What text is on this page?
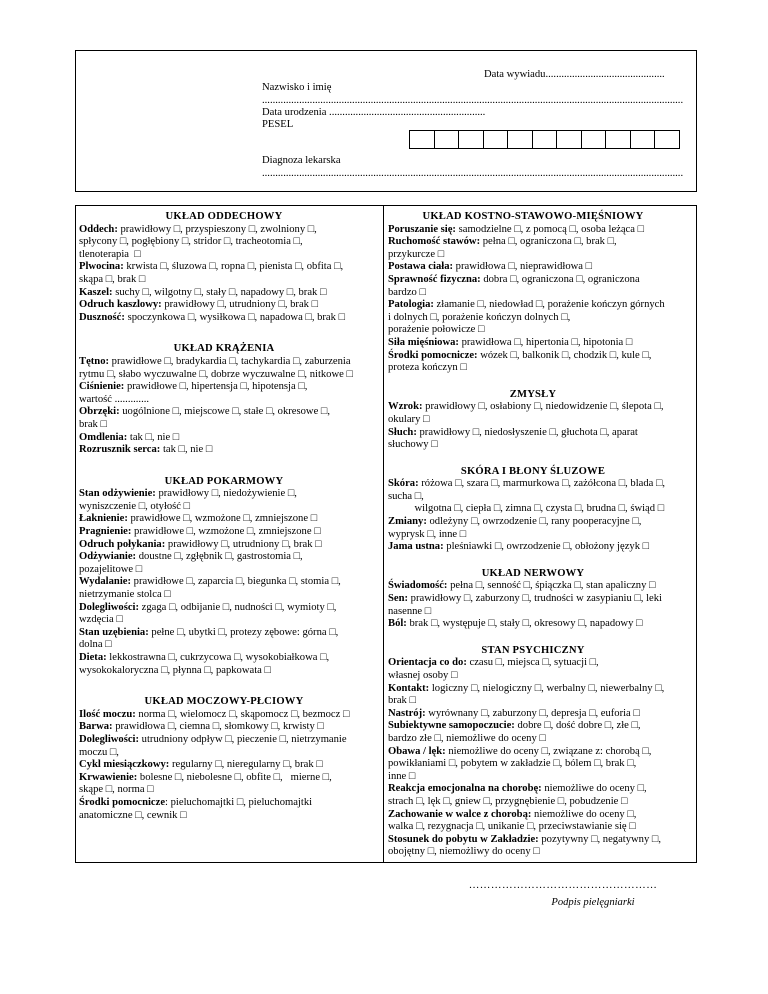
Data wywiadu.............................................
Nazwisko i imię
...............................................................................................................................................................
Data urodzenia ...........................................................
PESEL
Diagnoza lekarska
...............................................................................................................................................................
UKŁAD ODDECHOWY
Oddech: prawidłowy □, przyspieszony □, zwolniony □,
spłycony □, pogłębiony □, stridor □, tracheotomia □,
tlenoterapia  □
Plwocina: krwista □, śluzowa □, ropna □, pienista □, obfita □,
skąpa □, brak □
Kaszel: suchy □, wilgotny □, stały □, napadowy □, brak □
Odruch kaszlowy: prawidłowy □, utrudniony □, brak □
Duszność: spoczynkowa □, wysiłkowa □, napadowa □, brak □
UKŁAD KRĄŻENIA
Tętno: prawidłowe □, bradykardia □, tachykardia □, zaburzenia
rytmu □, słabo wyczuwalne □, dobrze wyczuwalne □, nitkowe □
Ciśnienie: prawidłowe □, hipertensja □, hipotensja □,
wartość .............
Obrzęki: uogólnione □, miejscowe □, stałe □, okresowe □,
brak □
Omdlenia: tak □, nie □
Rozrusznik serca: tak □, nie □
UKŁAD POKARMOWY
Stan odżywienie: prawidłowy □, niedożywienie □,
wyniszczenie □, otyłość □
Łaknienie: prawidłowe □, wzmożone □, zmniejszone □
Pragnienie: prawidłowe □, wzmożone □, zmniejszone □
Odruch połykania: prawidłowy □, utrudniony □, brak □
Odżywianie: doustne □, zgłębnik □, gastrostomia □,
pozajelitowe □
Wydalanie: prawidłowe □, zaparcia □, biegunka □, stomia □,
nietrzymanie stolca □
Dolegliwości: zgaga □, odbijanie □, nudności □, wymioty □,
wzdęcia □
Stan uzębienia: pełne □, ubytki □, protezy zębowe: górna □,
dolna □
Dieta: lekkostrawna □, cukrzycowa □, wysokobiałkowa □,
wysokokaloryczna □, płynna □, papkowata □
UKŁAD MOCZOWY-PŁCIOWY
Ilość moczu: norma □, wielomocz □, skąpomocz □, bezmocz □
Barwa: prawidłowa □, ciemna □, słomkowy □, krwisty □
Dolegliwości: utrudniony odpływ □, pieczenie □, nietrzymanie
moczu □,
Cykl miesiączkowy: regularny □, nieregularny □, brak □
Krwawienie: bolesne □, niebolesne □, obfite □,   mierne □,
skąpe □, norma □
Środki pomocnicze: pieluchomajtki □, pieluchomajtki
anatomiczne □, cewnik □
UKŁAD KOSTNO-STAWOWO-MIĘŚNIOWY
Poruszanie się: samodzielne □, z pomocą □, osoba leżąca □
Ruchomość stawów: pełna □, ograniczona □, brak □,
przykurcze □
Postawa ciała: prawidłowa □, nieprawidłowa □
Sprawność fizyczna: dobra □, ograniczona □, ograniczona
bardzo □
Patologia: złamanie □, niedowład □, porażenie kończyn górnych
i dolnych □, porażenie kończyn dolnych □,
porażenie połowicze □
Siła mięśniowa: prawidłowa □, hipertonia □, hipotonia □
Środki pomocnicze: wózek □, balkonik □, chodzik □, kule □,
proteza kończyn □
ZMYSŁY
Wzrok: prawidłowy □, osłabiony □, niedowidzenie □, ślepota □,
okulary □
Słuch: prawidłowy □, niedosłyszenie □, głuchota □, aparat
słuchowy □
SKÓRA I BŁONY ŚLUZOWE
Skóra: różowa □, szara □, marmurkowa □, zażółcona □, blada □,
sucha □,
wilgotna □, ciepła □, zimna □, czysta □, brudna □, świąd □
Zmiany: odleżyny □, owrzodzenie □, rany pooperacyjne □,
wyprysk □, inne □
Jama ustna: pleśniawki □, owrzodzenie □, obłożony język □
UKŁAD NERWOWY
Świadomość: pełna □, senność □, śpiączka □, stan apaliczny □
Sen: prawidłowy □, zaburzony □, trudności w zasypianiu □, leki
nasenne □
Ból: brak □, występuje □, stały □, okresowy □, napadowy □
STAN PSYCHICZNY
Orientacja co do: czasu □, miejsca □, sytuacji □,
własnej osoby □
Kontakt: logiczny □, nielogiczny □, werbalny □, niewerbalny □,
brak □
Nastrój: wyrównany □, zaburzony □, depresja □, euforia □
Subiektywne samopoczucie: dobre □, dość dobre □, złe □,
bardzo złe □, niemożliwe do oceny □
Obawa / lęk: niemożliwe do oceny □, związane z: chorobą □,
powikłaniami □, pobytem w zakładzie □, bólem □, brak □,
inne □
Reakcja emocjonalna na chorobę: niemożliwe do oceny □,
strach □, lęk □, gniew □, przygnębienie □, pobudzenie □
Zachowanie w walce z chorobą: niemożliwe do oceny □,
walka □, rezygnacja □, unikanie □, przeciwstawianie się □
Stosunek do pobytu w Zakładzie: pozytywny □, negatywny □,
obojętny □, niemożliwy do oceny □
……………………………………………
Podpis pielęgniarki
